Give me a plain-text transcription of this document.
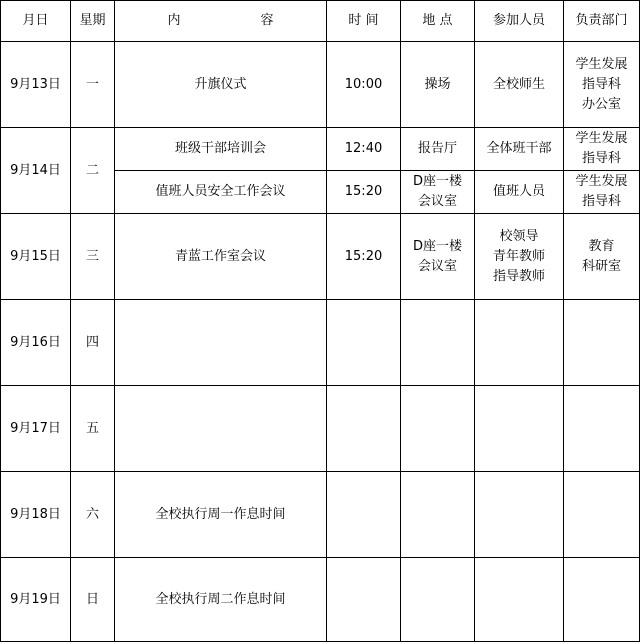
月日	星期	内 容	时 间	地 点	参加人员	负责部门
9月13日	一	升旗仪式	10:00	操场	全校师生	学生发展
指导科
办公室

9月14日	二	班级干部培训会	12:40	报告厅	全体班干部	学生发展
指导科

		值班人员安全工作会议	15:20	D座一楼
会议室	值班人员	学生发展
指导科

9月15日	三	青蓝工作室会议	15:20	D座一楼
会议室	校领导
青年教师
指导教师	教育
科研室

9月16日	四					
9月17日	五					
9月18日	六	全校执行周一作息时间				
9月19日	日	全校执行周二作息时间				
